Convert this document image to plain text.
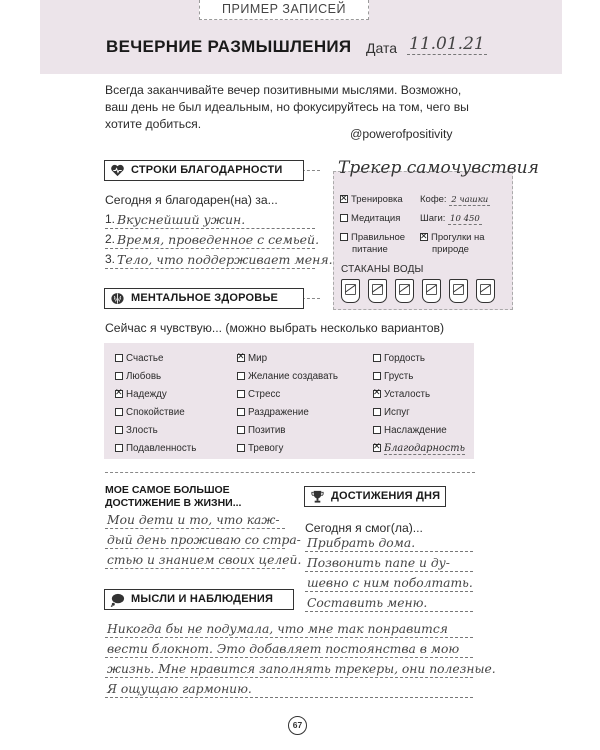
ПРИМЕР ЗАПИСЕЙ
ВЕЧЕРНИЕ РАЗМЫШЛЕНИЯ Дата 11.01.21
Всегда заканчивайте вечер позитивными мыслями. Возможно, ваш день не был идеальным, но фокусируйтесь на том, чего вы хотите добиться.
@powerofpositivity
СТРОКИ БЛАГОДАРНОСТИ
Сегодня я благодарен(на) за...
1. Вкуснейший ужин.
2. Время, проведенное с семьей.
3. Тело, что поддерживает меня.
Трекер самочувствия
✕Тренировка Кофе: 2 чашки
Медитация Шаги: 10 450
Правильное
питание
✕Прогулки на
природе
СТАКАНЫ ВОДЫ
МЕНТАЛЬНОЕ ЗДОРОВЬЕ
Сейчас я чувствую... (можно выбрать несколько вариантов)
Счастье
Любовь
✕Надежду
Спокойствие
Злость
Подавленность
✕Мир
Желание создавать
Стресс
Раздражение
Позитив
Тревогу
Гордость
Грусть
✕Усталость
Испуг
Наслаждение
✕Благодарность
МОЕ САМОЕ БОЛЬШОЕ ДОСТИЖЕНИЕ В ЖИЗНИ...
Мои дети и то, что каж-
дый день проживаю со стра-
стью и знанием своих целей.
ДОСТИЖЕНИЯ ДНЯ
Сегодня я смог(ла)...
Прибрать дома.
Позвонить папе и ду-
шевно с ним поболтать.
Составить меню.
МЫСЛИ И НАБЛЮДЕНИЯ
Никогда бы не подумала, что мне так понравится
вести блокнот. Это добавляет постоянства в мою
жизнь. Мне нравится заполнять трекеры, они полезные.
Я ощущаю гармонию.
67
